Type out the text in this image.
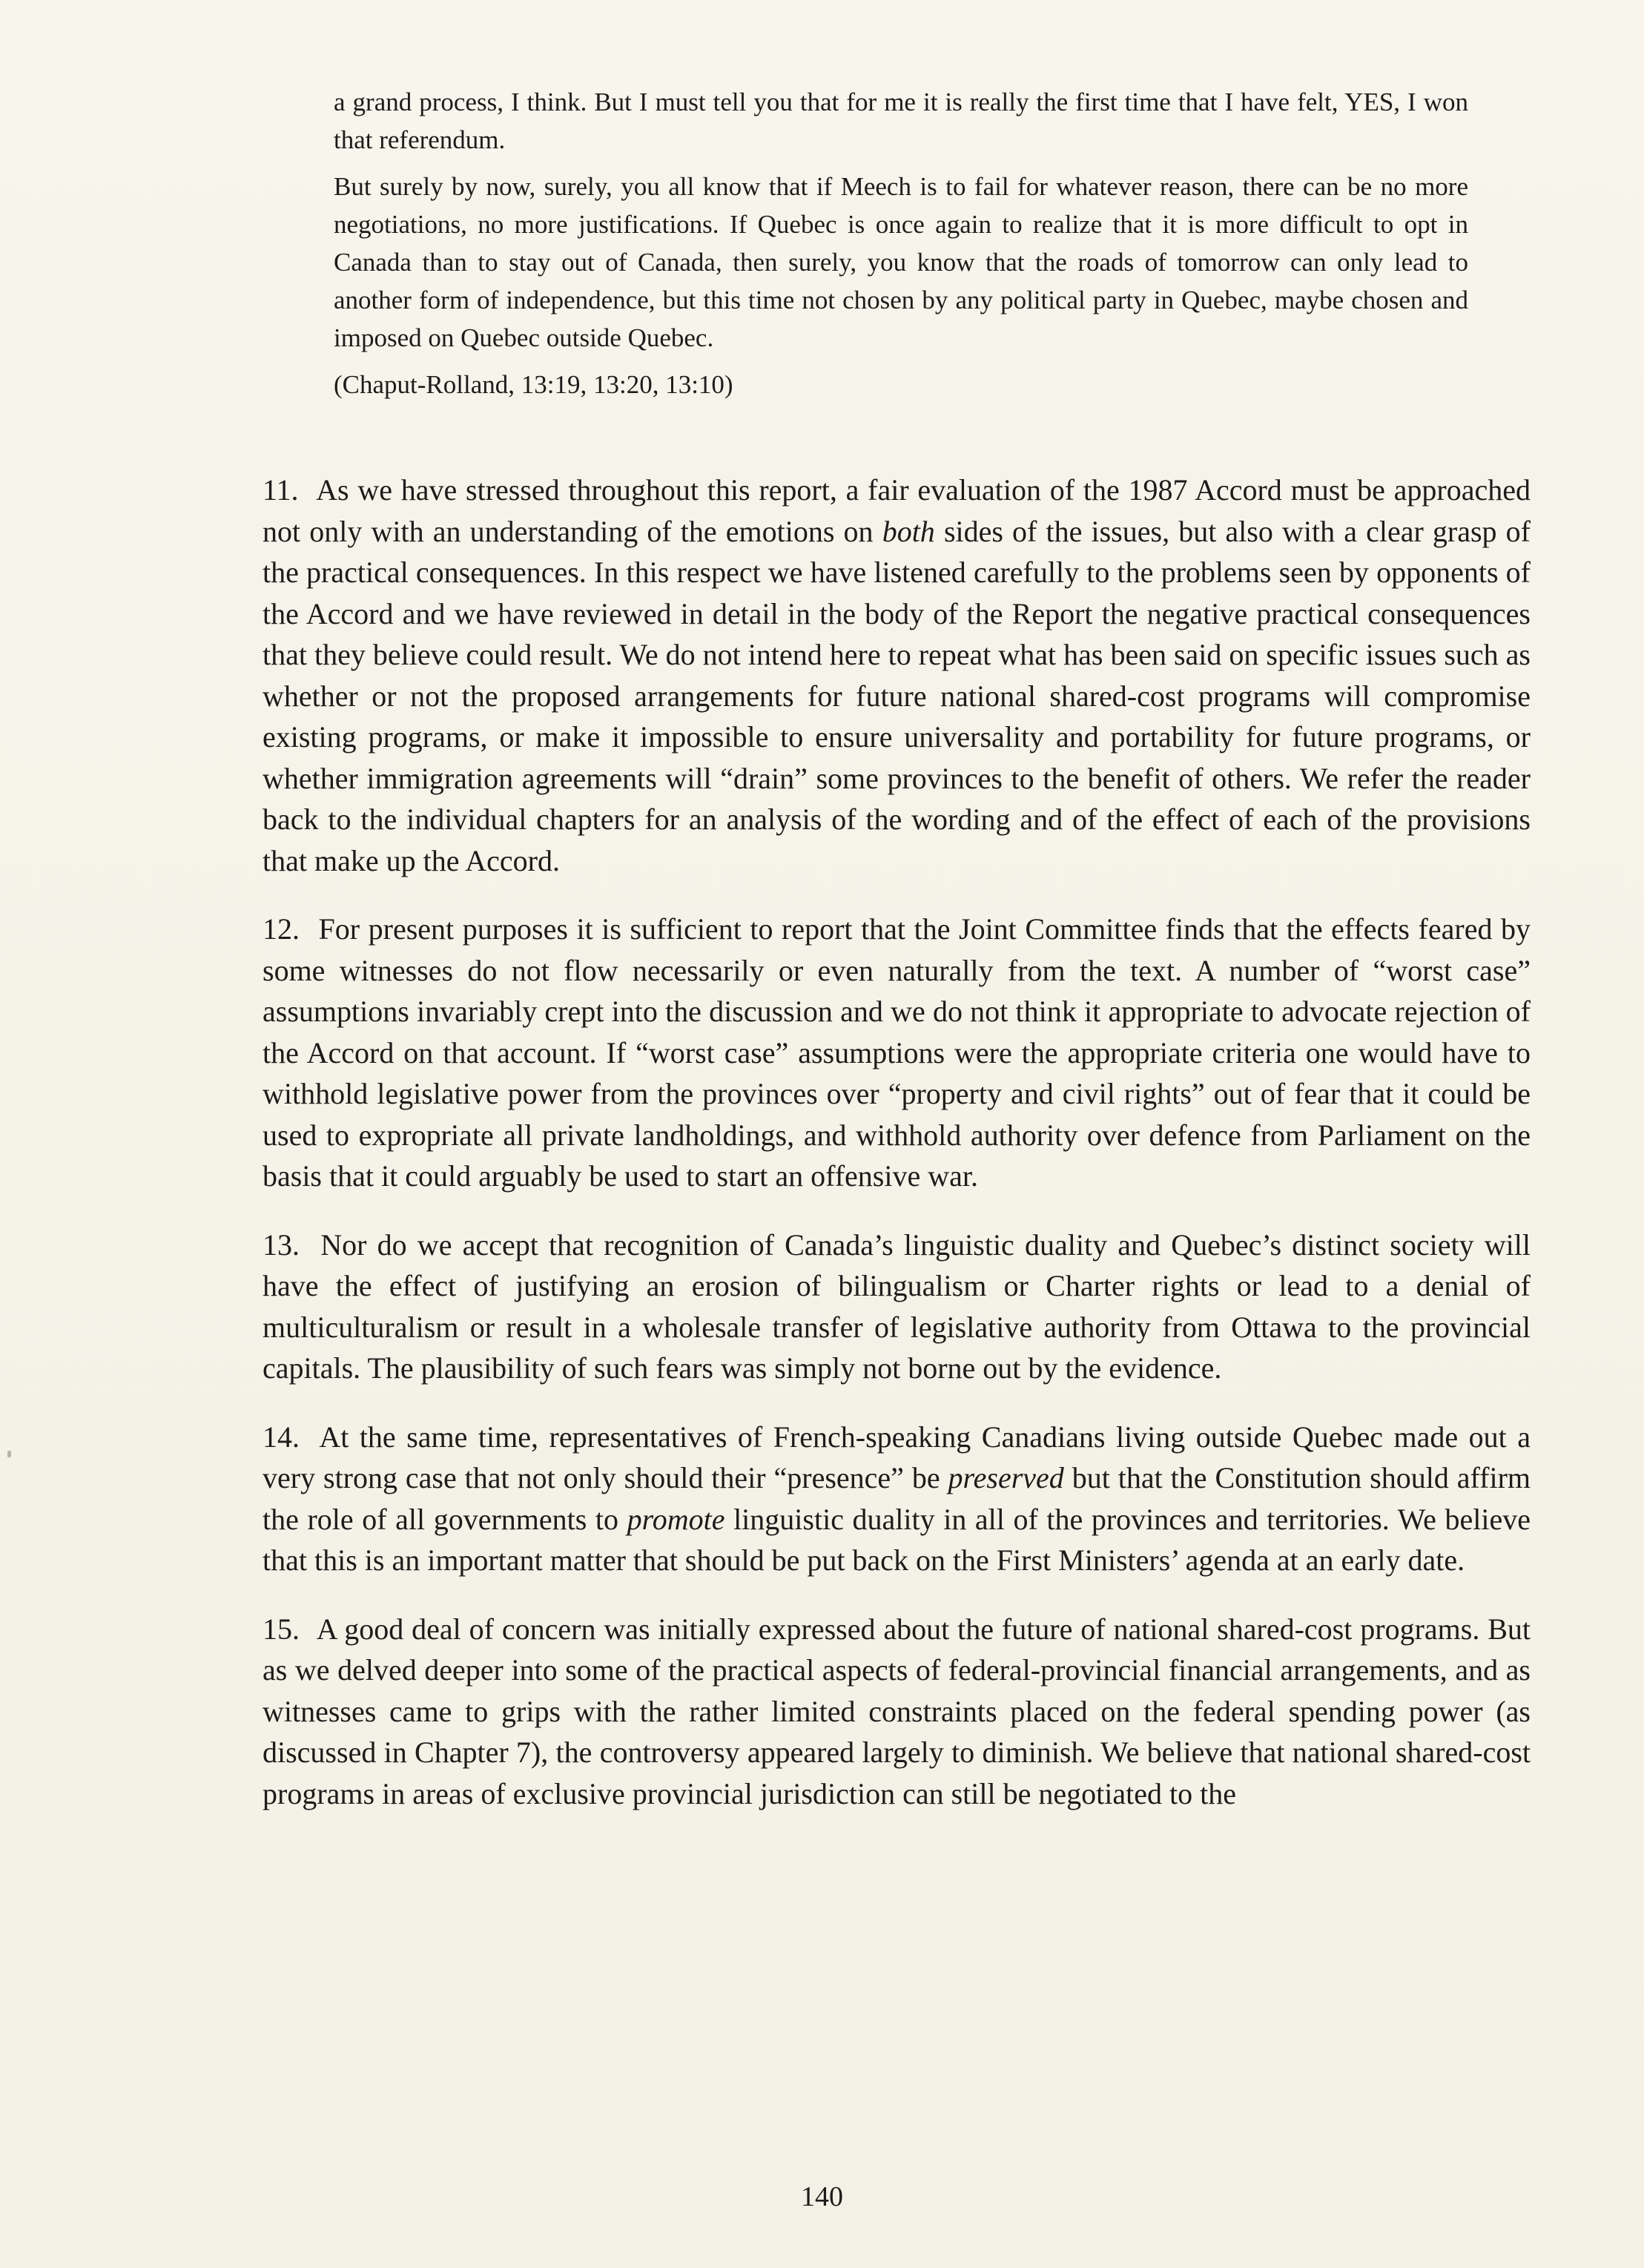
a grand process, I think. But I must tell you that for me it is really the first time that I have felt, YES, I won that referendum.

But surely by now, surely, you all know that if Meech is to fail for whatever reason, there can be no more negotiations, no more justifications. If Quebec is once again to realize that it is more difficult to opt in Canada than to stay out of Canada, then surely, you know that the roads of tomorrow can only lead to another form of independence, but this time not chosen by any political party in Quebec, maybe chosen and imposed on Quebec outside Quebec.

(Chaput-Rolland, 13:19, 13:20, 13:10)

11. As we have stressed throughout this report, a fair evaluation of the 1987 Accord must be approached not only with an understanding of the emotions on both sides of the issues, but also with a clear grasp of the practical consequences. In this respect we have listened carefully to the problems seen by opponents of the Accord and we have reviewed in detail in the body of the Report the negative practical consequences that they believe could result. We do not intend here to repeat what has been said on specific issues such as whether or not the proposed arrangements for future national shared-cost programs will compromise existing programs, or make it impossible to ensure universality and portability for future programs, or whether immigration agreements will “drain” some provinces to the benefit of others. We refer the reader back to the individual chapters for an analysis of the wording and of the effect of each of the provisions that make up the Accord.

12. For present purposes it is sufficient to report that the Joint Committee finds that the effects feared by some witnesses do not flow necessarily or even naturally from the text. A number of “worst case” assumptions invariably crept into the discussion and we do not think it appropriate to advocate rejection of the Accord on that account. If “worst case” assumptions were the appropriate criteria one would have to withhold legislative power from the provinces over “property and civil rights” out of fear that it could be used to expropriate all private landholdings, and withhold authority over defence from Parliament on the basis that it could arguably be used to start an offensive war.

13. Nor do we accept that recognition of Canada’s linguistic duality and Quebec’s distinct society will have the effect of justifying an erosion of bilingualism or Charter rights or lead to a denial of multiculturalism or result in a wholesale transfer of legislative authority from Ottawa to the provincial capitals. The plausibility of such fears was simply not borne out by the evidence.

14. At the same time, representatives of French-speaking Canadians living outside Quebec made out a very strong case that not only should their “presence” be preserved but that the Constitution should affirm the role of all governments to promote linguistic duality in all of the provinces and territories. We believe that this is an important matter that should be put back on the First Ministers’ agenda at an early date.

15. A good deal of concern was initially expressed about the future of national shared-cost programs. But as we delved deeper into some of the practical aspects of federal-provincial financial arrangements, and as witnesses came to grips with the rather limited constraints placed on the federal spending power (as discussed in Chapter 7), the controversy appeared largely to diminish. We believe that national shared-cost programs in areas of exclusive provincial jurisdiction can still be negotiated to the

140
